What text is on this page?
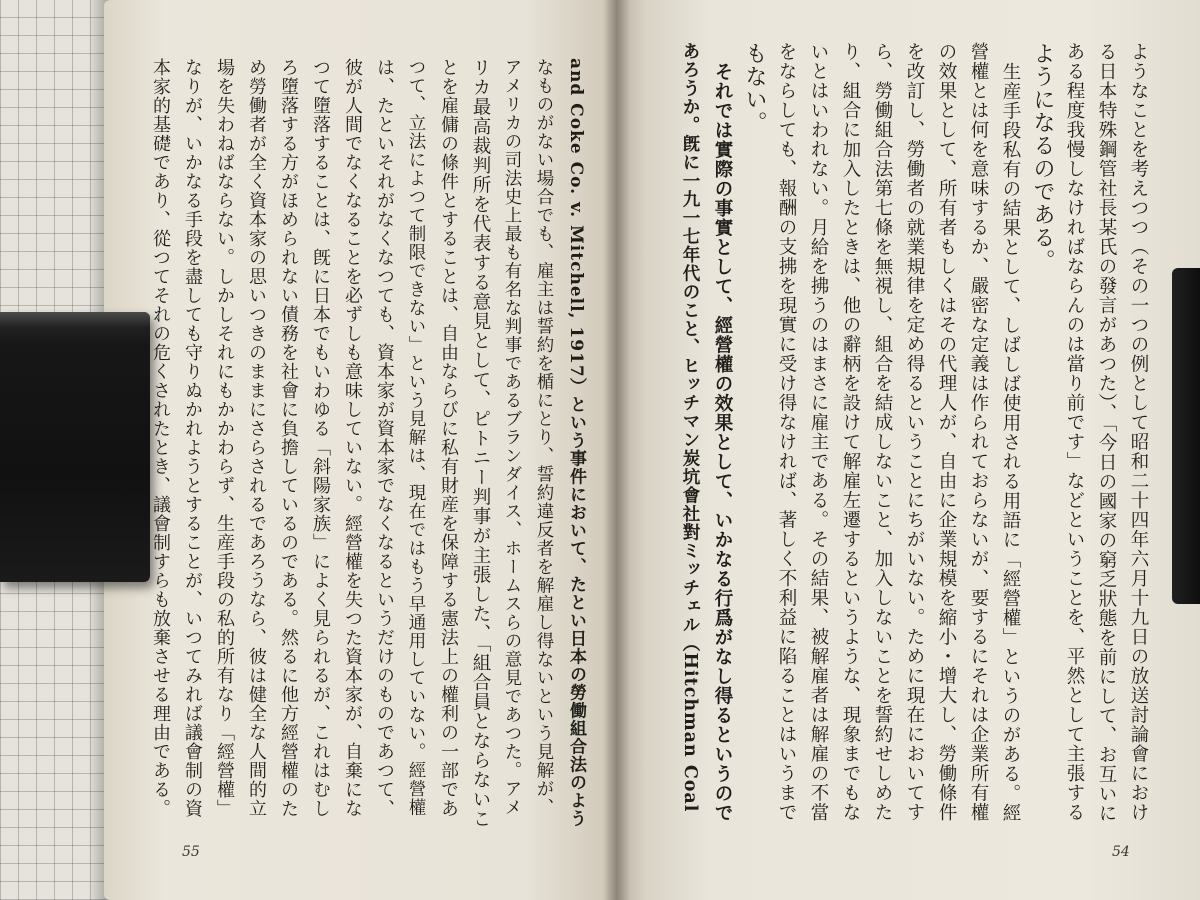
ようなことを考えつつ（その一つの例として昭和二十四年六月十九日の放送討論會におけ
る日本特殊鋼管社長某氏の發言があつた）、「今日の國家の窮乏狀態を前にして、お互いに
ある程度我慢しなければならんのは當り前です」などということを、平然として主張する
ようになるのである。
生産手段私有の結果として、しばしば使用される用語に「經營權」というのがある。經
營權とは何を意味するか、嚴密な定義は作られておらないが、要するにそれは企業所有權
の效果として、所有者もしくはその代理人が、自由に企業規模を縮小・增大し、勞働條件
を改訂し、勞働者の就業規律を定め得るということにちがいない。ために現在においてす
ら、勞働組合法第七條を無視し、組合を結成しないこと、加入しないことを誓約せしめた
り、組合に加入したときは、他の辭柄を設けて解雇左遷するというような、現象までもな
いとはいわれない。月給を拂うのはまさに雇主である。その結果、被解雇者は解雇の不當
をならしても、報酬の支拂を現實に受け得なければ、著しく不利益に陷ることはいうまで
もない。
それでは實際の事實として、經營權の效果として、いかなる行爲がなし得るというので
あろうか。旣に一九一七年代のこと、ヒッチマン炭坑會社對ミッチェル（Hitchman Coal
54
and Coke Co. v. Mitchell, 1917）という事件において、たとい日本の勞働組合法のよう
なものがない場合でも、雇主は誓約を楯にとり、誓約違反者を解雇し得ないという見解が、
アメリカの司法史上最も有名な判事であるブランダイス、ホームスらの意見であつた。アメ
リカ最高裁判所を代表する意見として、ピトニー判事が主張した、「組合員とならないこ
とを雇傭の條件とすることは、自由ならびに私有財産を保障する憲法上の權利の一部であ
つて、立法によつて制限できない」という見解は、現在ではもう早通用していない。經營權
は、たといそれがなくなつても、資本家が資本家でなくなるというだけのものであつて、
彼が人間でなくなることを必ずしも意味していない。經營權を失つた資本家が、自棄にな
つて墮落することは、旣に日本でもいわゆる「斜陽家族」によく見られるが、これはむし
ろ墮落する方がほめられない債務を社會に負擔しているのである。然るに他方經營權のた
め勞働者が全く資本家の思いつきのままにさらされるであろうなら、彼は健全な人間的立
場を失わねばならない。しかしそれにもかかわらず、生産手段の私的所有なり「經營權」
なりが、いかなる手段を盡しても守りぬかれようとすることが、いつてみれば議會制の資
本家的基礎であり、從つてそれの危くされたとき、議會制すらも放棄させる理由である。
55
